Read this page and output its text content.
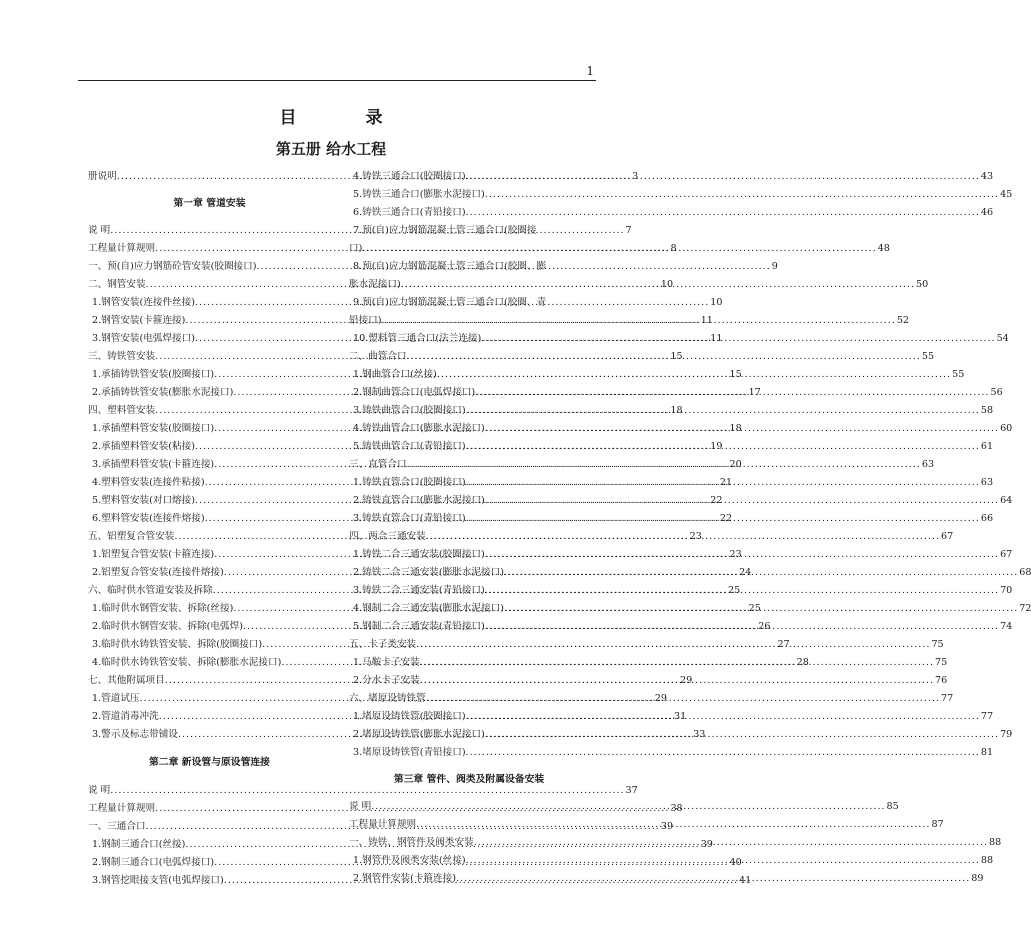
1
目　录
第五册 给水工程
册说明 .....	3
第一章 管道安装
说 明 .....	7
工程量计算规则 .....	8
一、预(自)应力钢筋砼管安装(胶圈接口) .....	9
二、钢管安装 .....	10
1.钢管安装(连接件丝接) .....	10
2.钢管安装(卡箍连接) .....	11
3.钢管安装(电弧焊接口) .....	11
三、铸铁管安装 .....	15
1.承插铸铁管安装(胶圈接口) .....	15
2.承插铸铁管安装(膨胀水泥接口) .....	17
四、塑料管安装 .....	18
1.承插塑料管安装(胶圈接口) .....	18
2.承插塑料管安装(粘接) .....	19
3.承插塑料管安装(卡箍连接) .....	20
4.塑料管安装(连接件粘接) .....	21
5.塑料管安装(对口熔接) .....	22
6.塑料管安装(连接件熔接) .....	22
五、铝塑复合管安装 .....	23
1.铝塑复合管安装(卡箍连接) .....	23
2.铝塑复合管安装(连接件熔接) .....	24
六、临时供水管道安装及拆除 .....	25
1.临时供水钢管安装、拆除(丝接) .....	25
2.临时供水钢管安装、拆除(电弧焊) .....	26
3.临时供水铸铁管安装、拆除(胶圈接口) .....	27
4.临时供水铸铁管安装、拆除(膨胀水泥接口) .....	28
七、其他附属项目 .....	29
1.管道试压 .....	29
2.管道消毒冲洗 .....	31
3.警示及标志带铺设 .....	33
第二章 新设管与原设管连接
说 明 .....	37
工程量计算规则 .....	38
一、三通合口 .....	39
1.钢制三通合口(丝接) .....	39
2.钢制三通合口(电弧焊接口) .....	40
3.钢管挖眼接支管(电弧焊接口) .....	41
4.铸铁三通合口(胶圈接口) .....	43
5.铸铁三通合口(膨胀水泥接口) .....	45
6.铸铁三通合口(青铅接口) .....	46
7.预(自)应力钢筋混凝土管三通合口(胶圈接
口) .....	48
8.预(自)应力钢筋混凝土管三通合口(胶圈、膨
胀水泥接口) .....	50
9.预(自)应力钢筋混凝土管三通合口(胶圈、青
铅接口) .....	52
10.塑料管三通合口(法兰连接) .....	54
二、曲管合口 .....	55
1.钢曲管合口(丝接) .....	55
2.钢制曲管合口(电弧焊接口) .....	56
3.铸铁曲管合口(胶圈接口) .....	58
4.铸铁曲管合口(膨胀水泥接口) .....	60
5.铸铁曲管合口(青铅接口) .....	61
三、直管合口 .....	63
1.铸铁直管合口(胶圈接口) .....	63
2.铸铁直管合口(膨胀水泥接口) .....	64
3.铸铁直管合口(青铅接口) .....	66
四、两合三通安装 .....	67
1.铸铁二合三通安装(胶圈接口) .....	67
2.铸铁二合三通安装(膨胀水泥接口) .....	68
3.铸铁二合三通安装(青铅接口) .....	70
4.钢制二合三通安装(膨胀水泥接口) .....	72
5.钢制二合三通安装(青铅接口) .....	74
五、卡子类安装 .....	75
1.马鞍卡子安装 .....	75
2.分水卡子安装 .....	76
六、堵原设铸铁管 .....	77
1.堵原设铸铁管(胶圈接口) .....	77
2.堵原设铸铁管(膨胀水泥接口) .....	79
3.堵原设铸铁管(青铅接口) .....	81
第三章 管件、阀类及附属设备安装
说 明 .....	85
工程量计算规则 .....	87
一、铸铁、钢管件及阀类安装 .....	88
1.钢管件及阀类安装(丝接) .....	88
2.钢管件安装(卡箍连接) .....	89
